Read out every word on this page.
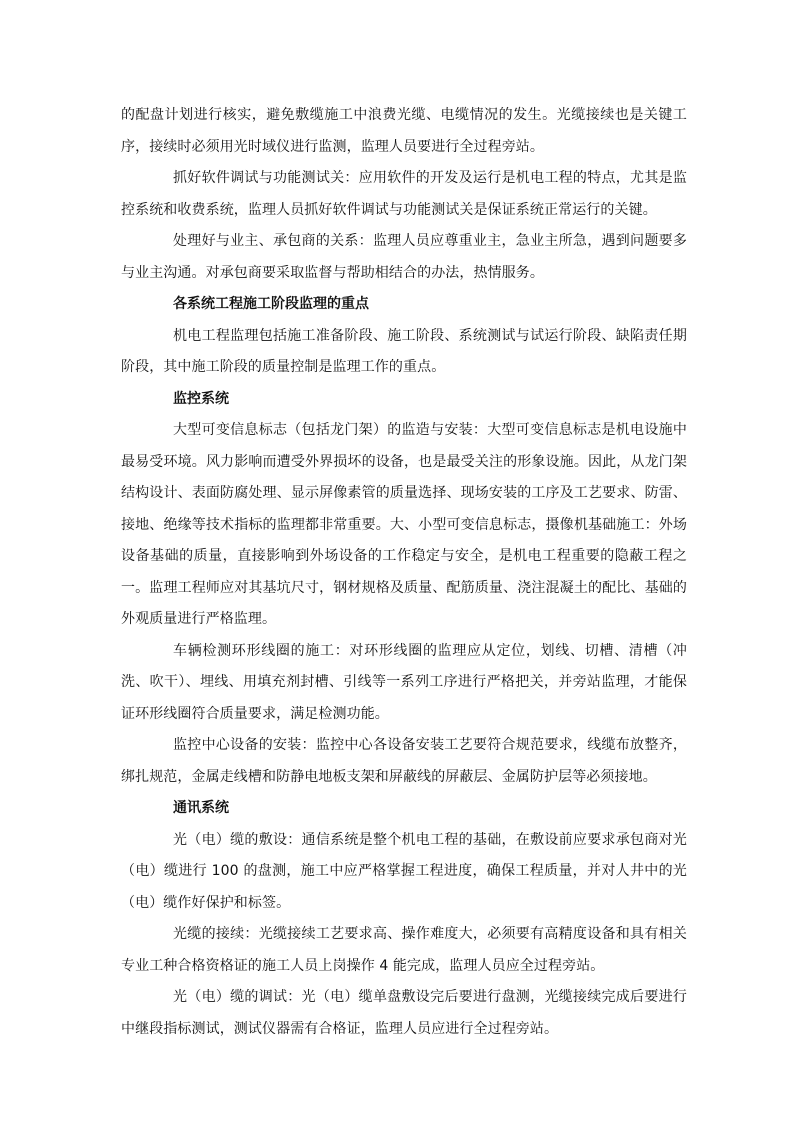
的配盘计划进行核实，避免敷缆施工中浪费光缆、电缆情况的发生。光缆接续也是关键工序，接续时必须用光时域仪进行监测，监理人员要进行全过程旁站。

抓好软件调试与功能测试关：应用软件的开发及运行是机电工程的特点，尤其是监控系统和收费系统，监理人员抓好软件调试与功能测试关是保证系统正常运行的关键。

处理好与业主、承包商的关系：监理人员应尊重业主，急业主所急，遇到问题要多与业主沟通。对承包商要采取监督与帮助相结合的办法，热情服务。

各系统工程施工阶段监理的重点

机电工程监理包括施工准备阶段、施工阶段、系统测试与试运行阶段、缺陷责任期阶段，其中施工阶段的质量控制是监理工作的重点。

监控系统

大型可变信息标志（包括龙门架）的监造与安装：大型可变信息标志是机电设施中最易受环境。风力影响而遭受外界损坏的设备，也是最受关注的形象设施。因此，从龙门架结构设计、表面防腐处理、显示屏像素管的质量选择、现场安装的工序及工艺要求、防雷、接地、绝缘等技术指标的监理都非常重要。大、小型可变信息标志，摄像机基础施工：外场设备基础的质量，直接影响到外场设备的工作稳定与安全，是机电工程重要的隐蔽工程之一。监理工程师应对其基坑尺寸，钢材规格及质量、配筋质量、浇注混凝土的配比、基础的外观质量进行严格监理。

车辆检测环形线圈的施工：对环形线圈的监理应从定位，划线、切槽、清槽（冲洗、吹干）、埋线、用填充剂封槽、引线等一系列工序进行严格把关，并旁站监理，才能保证环形线圈符合质量要求，满足检测功能。

监控中心设备的安装：监控中心各设备安装工艺要符合规范要求，线缆布放整齐，绑扎规范，金属走线槽和防静电地板支架和屏蔽线的屏蔽层、金属防护层等必须接地。

通讯系统

光（电）缆的敷设：通信系统是整个机电工程的基础，在敷设前应要求承包商对光（电）缆进行 100 的盘测，施工中应严格掌握工程进度，确保工程质量，并对人井中的光（电）缆作好保护和标签。

光缆的接续：光缆接续工艺要求高、操作难度大，必须要有高精度设备和具有相关专业工种合格资格证的施工人员上岗操作 4 能完成，监理人员应全过程旁站。

光（电）缆的调试：光（电）缆单盘敷设完后要进行盘测，光缆接续完成后要进行中继段指标测试，测试仪器需有合格证，监理人员应进行全过程旁站。
